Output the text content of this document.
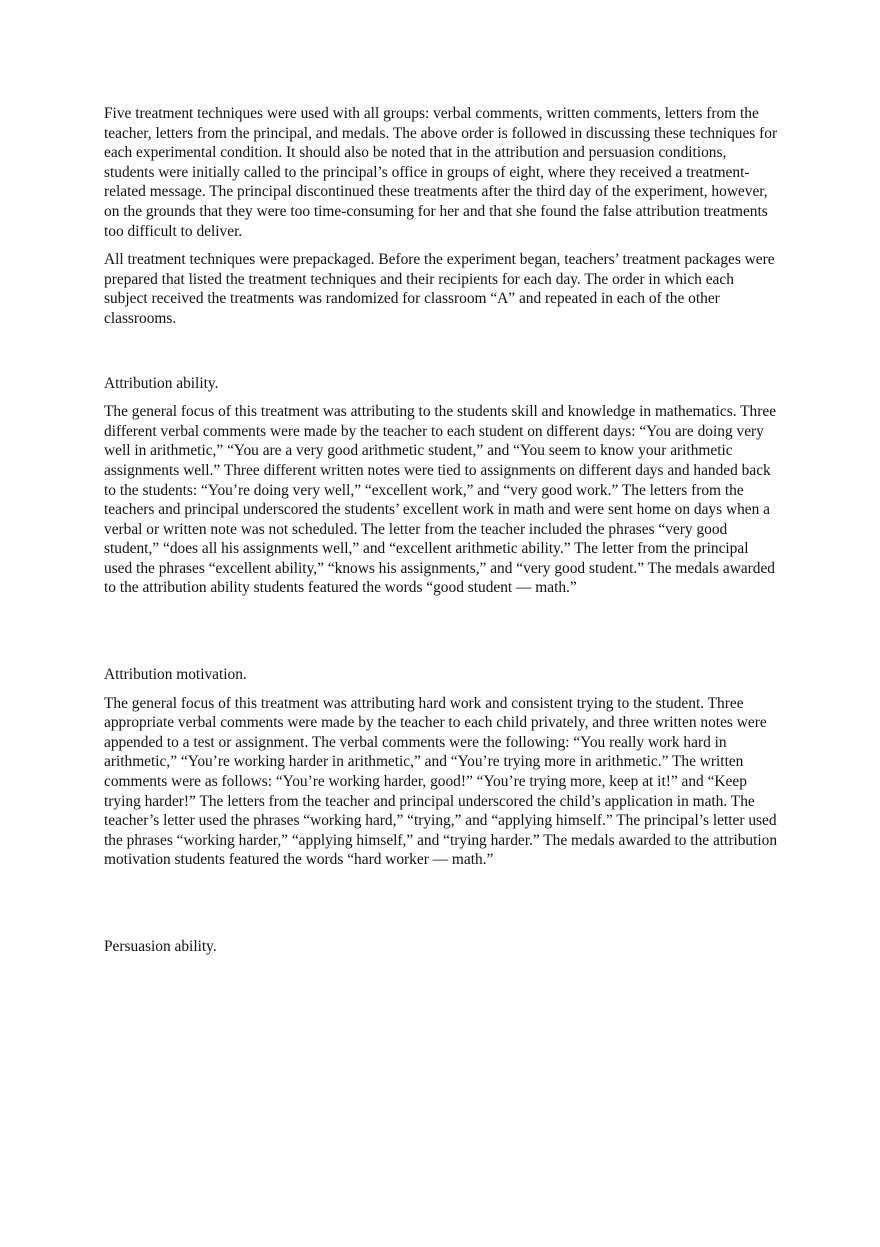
Five treatment techniques were used with all groups: verbal comments, written comments, letters from the teacher, letters from the principal, and medals. The above order is followed in discussing these techniques for each experimental condition. It should also be noted that in the attribution and persuasion conditions, students were initially called to the principal’s office in groups of eight, where they received a treatment-related message. The principal discontinued these treatments after the third day of the experiment, however, on the grounds that they were too time-consuming for her and that she found the false attribution treatments too difficult to deliver.

All treatment techniques were prepackaged. Before the experiment began, teachers’ treatment packages were prepared that listed the treatment techniques and their recipients for each day. The order in which each subject received the treatments was randomized for classroom “A” and repeated in each of the other classrooms.

Attribution ability.

The general focus of this treatment was attributing to the students skill and knowledge in mathematics. Three different verbal comments were made by the teacher to each student on different days: “You are doing very well in arithmetic,” “You are a very good arithmetic student,” and “You seem to know your arithmetic assignments well.” Three different written notes were tied to assignments on different days and handed back to the students: “You’re doing very well,” “excellent work,” and “very good work.” The letters from the teachers and principal underscored the students’ excellent work in math and were sent home on days when a verbal or written note was not scheduled. The letter from the teacher included the phrases “very good student,” “does all his assignments well,” and “excellent arithmetic ability.” The letter from the principal used the phrases “excellent ability,” “knows his assignments,” and “very good student.” The medals awarded to the attribution ability students featured the words “good student — math.”

Attribution motivation.

The general focus of this treatment was attributing hard work and consistent trying to the student. Three appropriate verbal comments were made by the teacher to each child privately, and three written notes were appended to a test or assignment. The verbal comments were the following: “You really work hard in arithmetic,” “You’re working harder in arithmetic,” and “You’re trying more in arithmetic.” The written comments were as follows: “You’re working harder, good!” “You’re trying more, keep at it!” and “Keep trying harder!” The letters from the teacher and principal underscored the child’s application in math. The teacher’s letter used the phrases “working hard,” “trying,” and “applying himself.” The principal’s letter used the phrases “working harder,” “applying himself,” and “trying harder.” The medals awarded to the attribution motivation students featured the words “hard worker — math.”

Persuasion ability.
